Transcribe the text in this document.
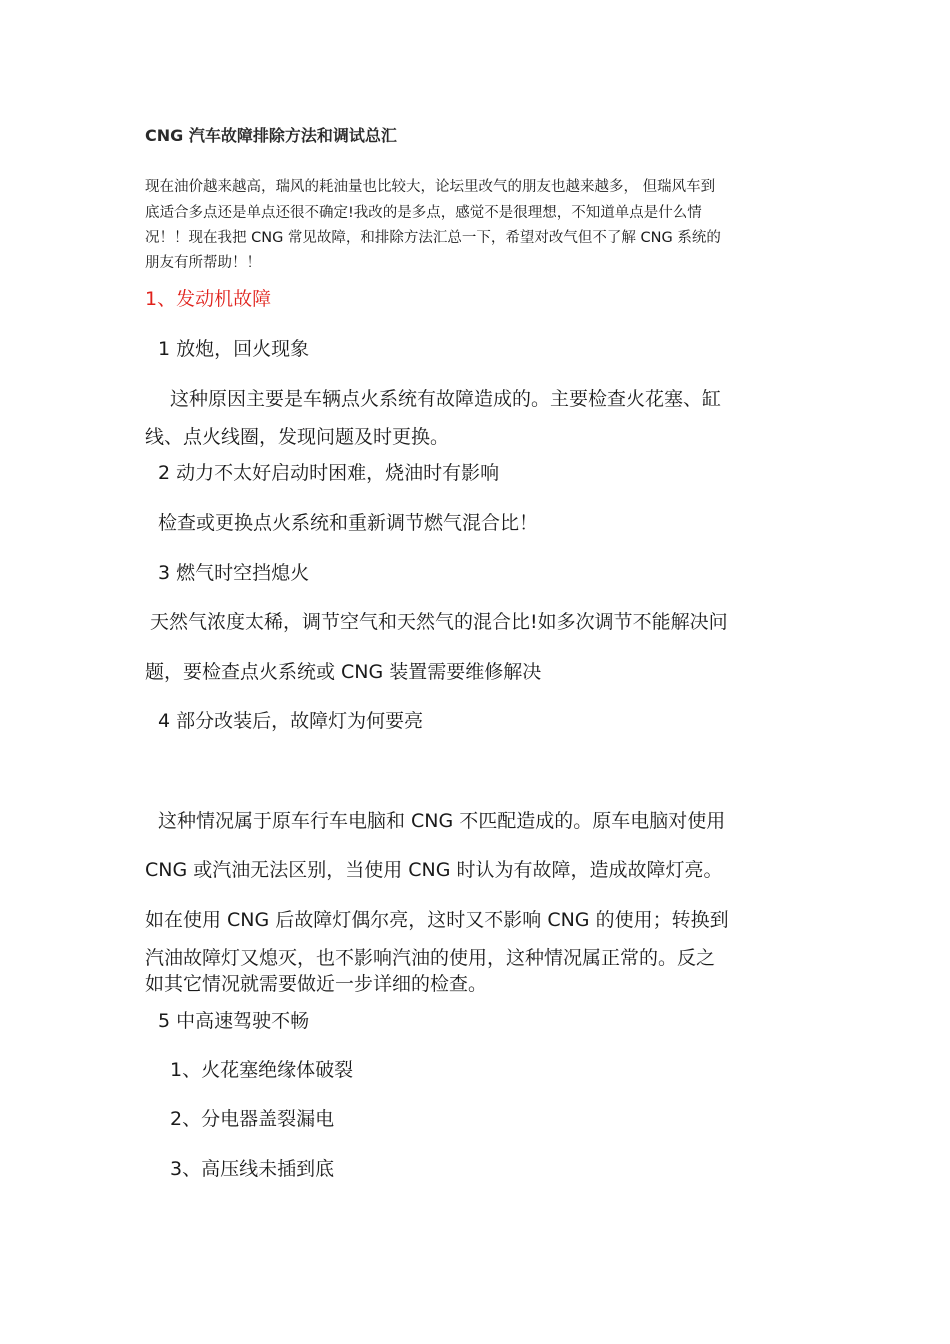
CNG 汽车故障排除方法和调试总汇

现在油价越来越高，瑞风的耗油量也比较大，论坛里改气的朋友也越来越多， 但瑞风车到

底适合多点还是单点还很不确定!我改的是多点，感觉不是很理想，不知道单点是什么情

况！！现在我把 CNG 常见故障，和排除方法汇总一下，希望对改气但不了解 CNG 系统的

朋友有所帮助！！

1、发动机故障

1 放炮，回火现象

这种原因主要是车辆点火系统有故障造成的。主要检查火花塞、缸

线、点火线圈，发现问题及时更换。

2 动力不太好启动时困难，烧油时有影响

检查或更换点火系统和重新调节燃气混合比！

3 燃气时空挡熄火

天然气浓度太稀，调节空气和天然气的混合比!如多次调节不能解决问

题，要检查点火系统或 CNG 装置需要维修解决

4 部分改装后，故障灯为何要亮

这种情况属于原车行车电脑和 CNG 不匹配造成的。原车电脑对使用

CNG 或汽油无法区别，当使用 CNG 时认为有故障，造成故障灯亮。

如在使用 CNG 后故障灯偶尔亮，这时又不影响 CNG 的使用；转换到

汽油故障灯又熄灭，也不影响汽油的使用，这种情况属正常的。反之

如其它情况就需要做近一步详细的检查。

5 中高速驾驶不畅

1、火花塞绝缘体破裂

2、分电器盖裂漏电

3、高压线未插到底
